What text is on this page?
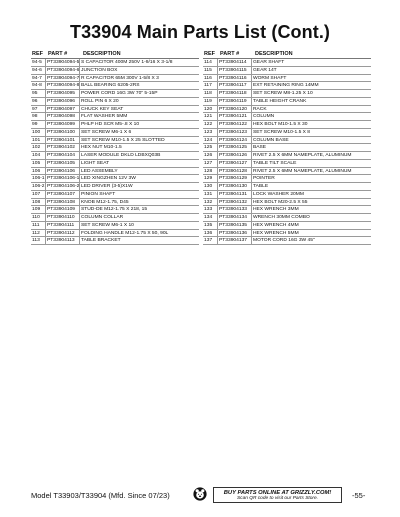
T33904 Main Parts List (Cont.)
REF PART #	DESCRIPTION
94-5	PT33904094-5 S CAPACITOR 400M 250V 1-9/16 X 3-1/8
94-6	PT33904094-6 JUNCTION BOX
94-7	PT33904094-7 R CAPACITOR 65M 300V 1-5/8 X 3
94-8	PT33904094-8 BALL BEARING 6205-2RS
95	PT33904095	POWER CORD 16G 3W 70" 5-15P
96	PT33904096	ROLL PIN 6 X 20
97	PT33904097	CHUCK KEY SEAT
98	PT33904098	FLAT WASHER 5MM
99	PT33904099	PHLP HD SCR M5-.8 X 10
100	PT33904100	SET SCREW M6-1 X 6
101	PT33904101	SET SCREW M10-1.5 X 25 SLOTTED
102	PT33904102	HEX NUT M10-1.5
104	PT33904104	LASER MODULE DKLD LDBXQ03B
105	PT33904105	LIGHT SEAT
106	PT33904106	LED ASSEMBLY
106-1 PT33904106-1 LED XINGZHEN 12V 3W
106-2 PT33904106-2 LED DRIVER (3-5)X1W
107	PT33904107	PINION SHAFT
108	PT33904108	KNOB M12-1.75, D45
109	PT33904109	STUD-DE M12-1.75 X 218, 15
110	PT33904110	COLUMN COLLAR
111	PT33904111	SET SCREW M6-1 X 10
112	PT33904112	FOLDING HANDLE M12-1.75 X 50, 90L
113	PT33904113	TABLE BRACKET
REF PART #	DESCRIPTION
114	PT33904114	GEAR SHAFT
115	PT33904115	GEAR 14T
116	PT33904116	WORM SHAFT
117	PT33904117	EXT RETAINING RING 14MM
118	PT33904118	SET SCREW M8-1.25 X 10
119	PT33904119	TABLE HEIGHT CRANK
120	PT33904120	RACK
121	PT33904121	COLUMN
122	PT33904122	HEX BOLT M10-1.5 X 30
123	PT33904123	SET SCREW M10-1.5 X 8
124	PT33904124	COLUMN BASE
125	PT33904125	BASE
126	PT33904126	RIVET 2.5 X 6MM NAMEPLATE, ALUMINUM
127	PT33904127	TABLE TILT SCALE
128	PT33904128	RIVET 2.5 X 6MM NAMEPLATE, ALUMINUM
129	PT33904129	POINTER
130	PT33904130	TABLE
131	PT33904131	LOCK WASHER 20MM
132	PT33904132	HEX BOLT M20-2.5 X 55
133	PT33904133	HEX WRENCH 3MM
134	PT33904134	WRENCH 30MM COMBO
135	PT33904135	HEX WRENCH 4MM
136	PT33904136	HEX WRENCH 5MM
137	PT33904137	MOTOR CORD 16G 3W 45"
Model T33903/T33904 (Mfd. Since 07/23)	BUY PARTS ONLINE AT GRIZZLY.COM!
Scan QR code to visit our Parts Store.	-55-
